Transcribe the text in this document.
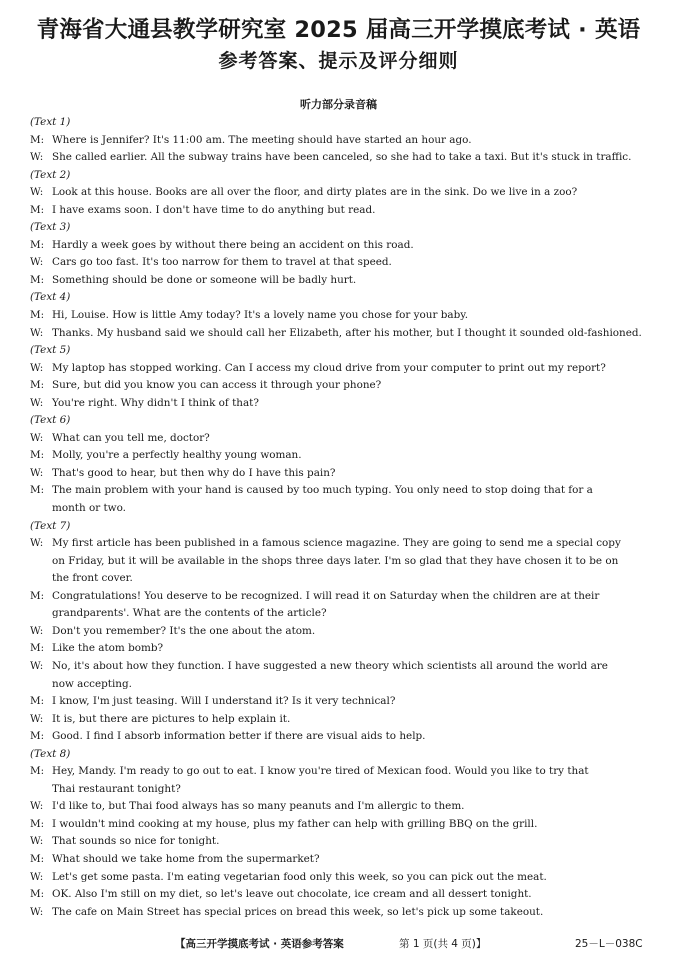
青海省大通县教学研究室 2025 届高三开学摸底考试 · 英语
参考答案、提示及评分细则
听力部分录音稿
(Text 1)
M: Where is Jennifer? It's 11:00 am. The meeting should have started an hour ago.
W: She called earlier. All the subway trains have been canceled, so she had to take a taxi. But it's stuck in traffic.
(Text 2)
W: Look at this house. Books are all over the floor, and dirty plates are in the sink. Do we live in a zoo?
M: I have exams soon. I don't have time to do anything but read.
(Text 3)
M: Hardly a week goes by without there being an accident on this road.
W: Cars go too fast. It's too narrow for them to travel at that speed.
M: Something should be done or someone will be badly hurt.
(Text 4)
M: Hi, Louise. How is little Amy today? It's a lovely name you chose for your baby.
W: Thanks. My husband said we should call her Elizabeth, after his mother, but I thought it sounded old-fashioned.
(Text 5)
W: My laptop has stopped working. Can I access my cloud drive from your computer to print out my report?
M: Sure, but did you know you can access it through your phone?
W: You're right. Why didn't I think of that?
(Text 6)
W: What can you tell me, doctor?
M: Molly, you're a perfectly healthy young woman.
W: That's good to hear, but then why do I have this pain?
M: The main problem with your hand is caused by too much typing. You only need to stop doing that for a
month or two.
(Text 7)
W: My first article has been published in a famous science magazine. They are going to send me a special copy
on Friday, but it will be available in the shops three days later. I'm so glad that they have chosen it to be on
the front cover.
M: Congratulations! You deserve to be recognized. I will read it on Saturday when the children are at their
grandparents'. What are the contents of the article?
W: Don't you remember? It's the one about the atom.
M: Like the atom bomb?
W: No, it's about how they function. I have suggested a new theory which scientists all around the world are
now accepting.
M: I know, I'm just teasing. Will I understand it? Is it very technical?
W: It is, but there are pictures to help explain it.
M: Good. I find I absorb information better if there are visual aids to help.
(Text 8)
M: Hey, Mandy. I'm ready to go out to eat. I know you're tired of Mexican food. Would you like to try that
Thai restaurant tonight?
W: I'd like to, but Thai food always has so many peanuts and I'm allergic to them.
M: I wouldn't mind cooking at my house, plus my father can help with grilling BBQ on the grill.
W: That sounds so nice for tonight.
M: What should we take home from the supermarket?
W: Let's get some pasta. I'm eating vegetarian food only this week, so you can pick out the meat.
M: OK. Also I'm still on my diet, so let's leave out chocolate, ice cream and all dessert tonight.
W: The cafe on Main Street has special prices on bread this week, so let's pick up some takeout.
【高三开学摸底考试 · 英语参考答案	第 1 页(共 4 页)】	25－L－038C
